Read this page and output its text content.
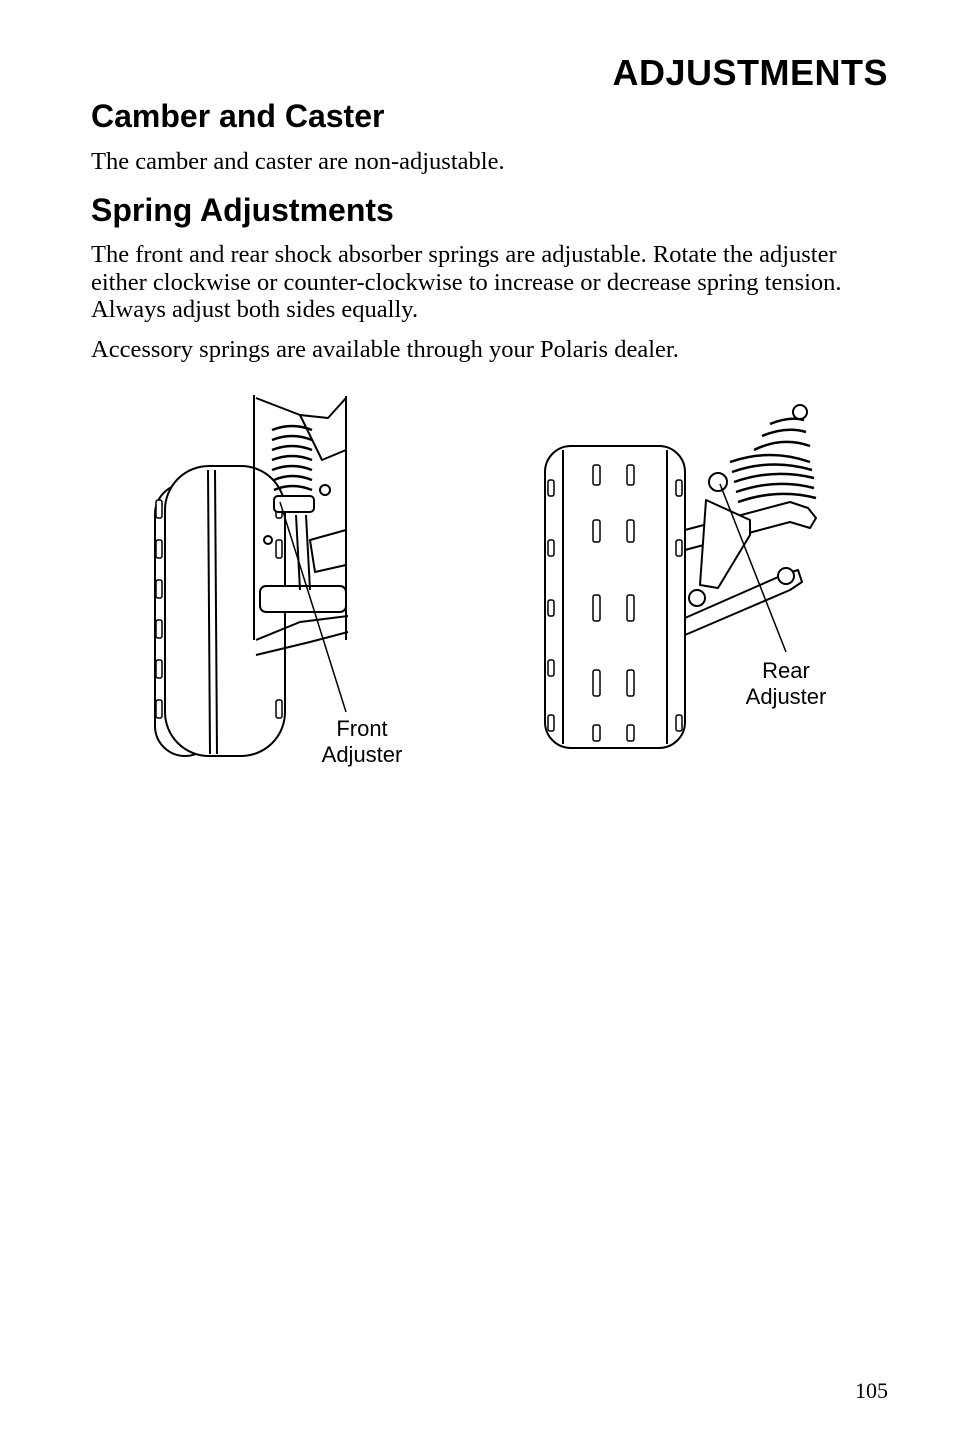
ADJUSTMENTS
Camber and Caster

The camber and caster are non-adjustable.

Spring Adjustments

The front and rear shock absorber springs are adjustable. Rotate the adjuster either clockwise or counter-clockwise to increase or decrease spring tension. Always adjust both sides equally.

Accessory springs are available through your Polaris dealer.

Front
Adjuster
Rear
Adjuster
105
